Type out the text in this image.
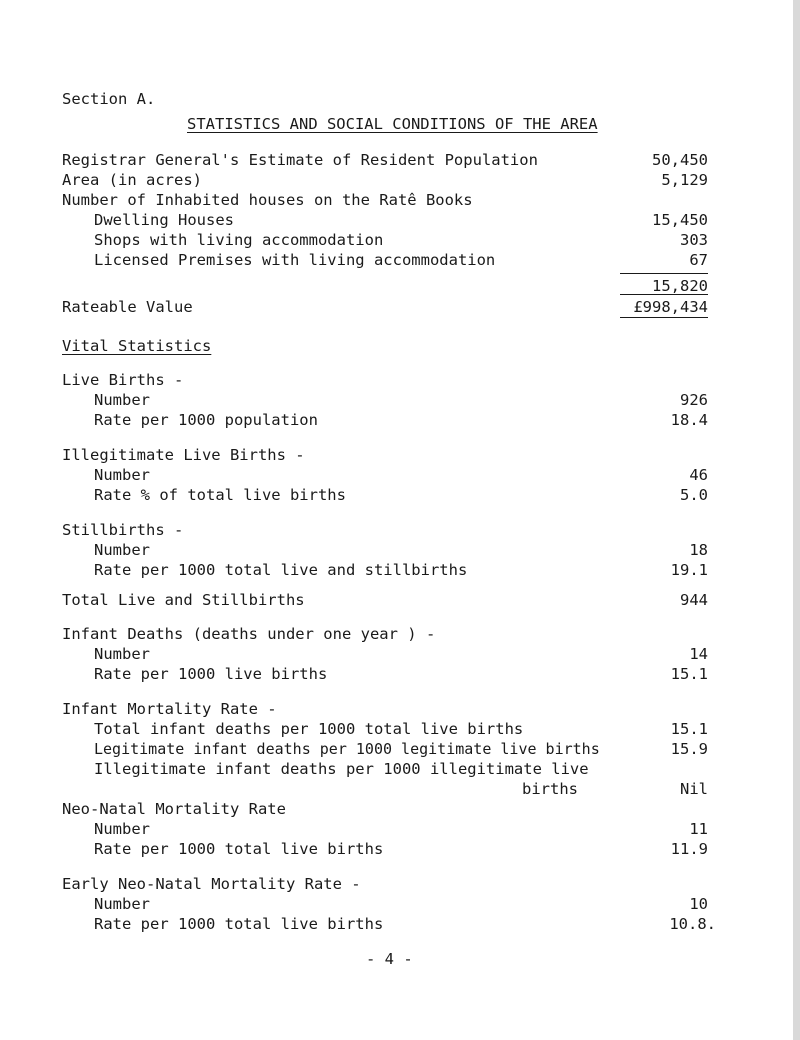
Section A.
STATISTICS AND SOCIAL CONDITIONS OF THE AREA
Registrar General's Estimate of Resident Population	50,450
Area (in acres)	5,129
Number of Inhabited houses on the Ratê Books
Dwelling Houses	15,450
Shops with living accommodation	303
Licensed Premises with living accommodation	67
15,820
Rateable Value	£998,434
Vital Statistics
Live Births -
Number	926
Rate per 1000 population	18.4
Illegitimate Live Births -
Number	46
Rate % of total live births	5.0
Stillbirths -
Number	18
Rate per 1000 total live and stillbirths	19.1
Total Live and Stillbirths	944
Infant Deaths (deaths under one year ) -
Number	14
Rate per 1000 live births	15.1
Infant Mortality Rate -
Total infant deaths per 1000 total live births	15.1
Legitimate infant deaths per 1000 legitimate live births	15.9
Illegitimate infant deaths per 1000 illegitimate live
births	Nil
Neo-Natal Mortality Rate
Number	11
Rate per 1000 total live births	11.9
Early Neo-Natal Mortality Rate -
Number	10
Rate per 1000 total live births	10.8.
- 4 -
